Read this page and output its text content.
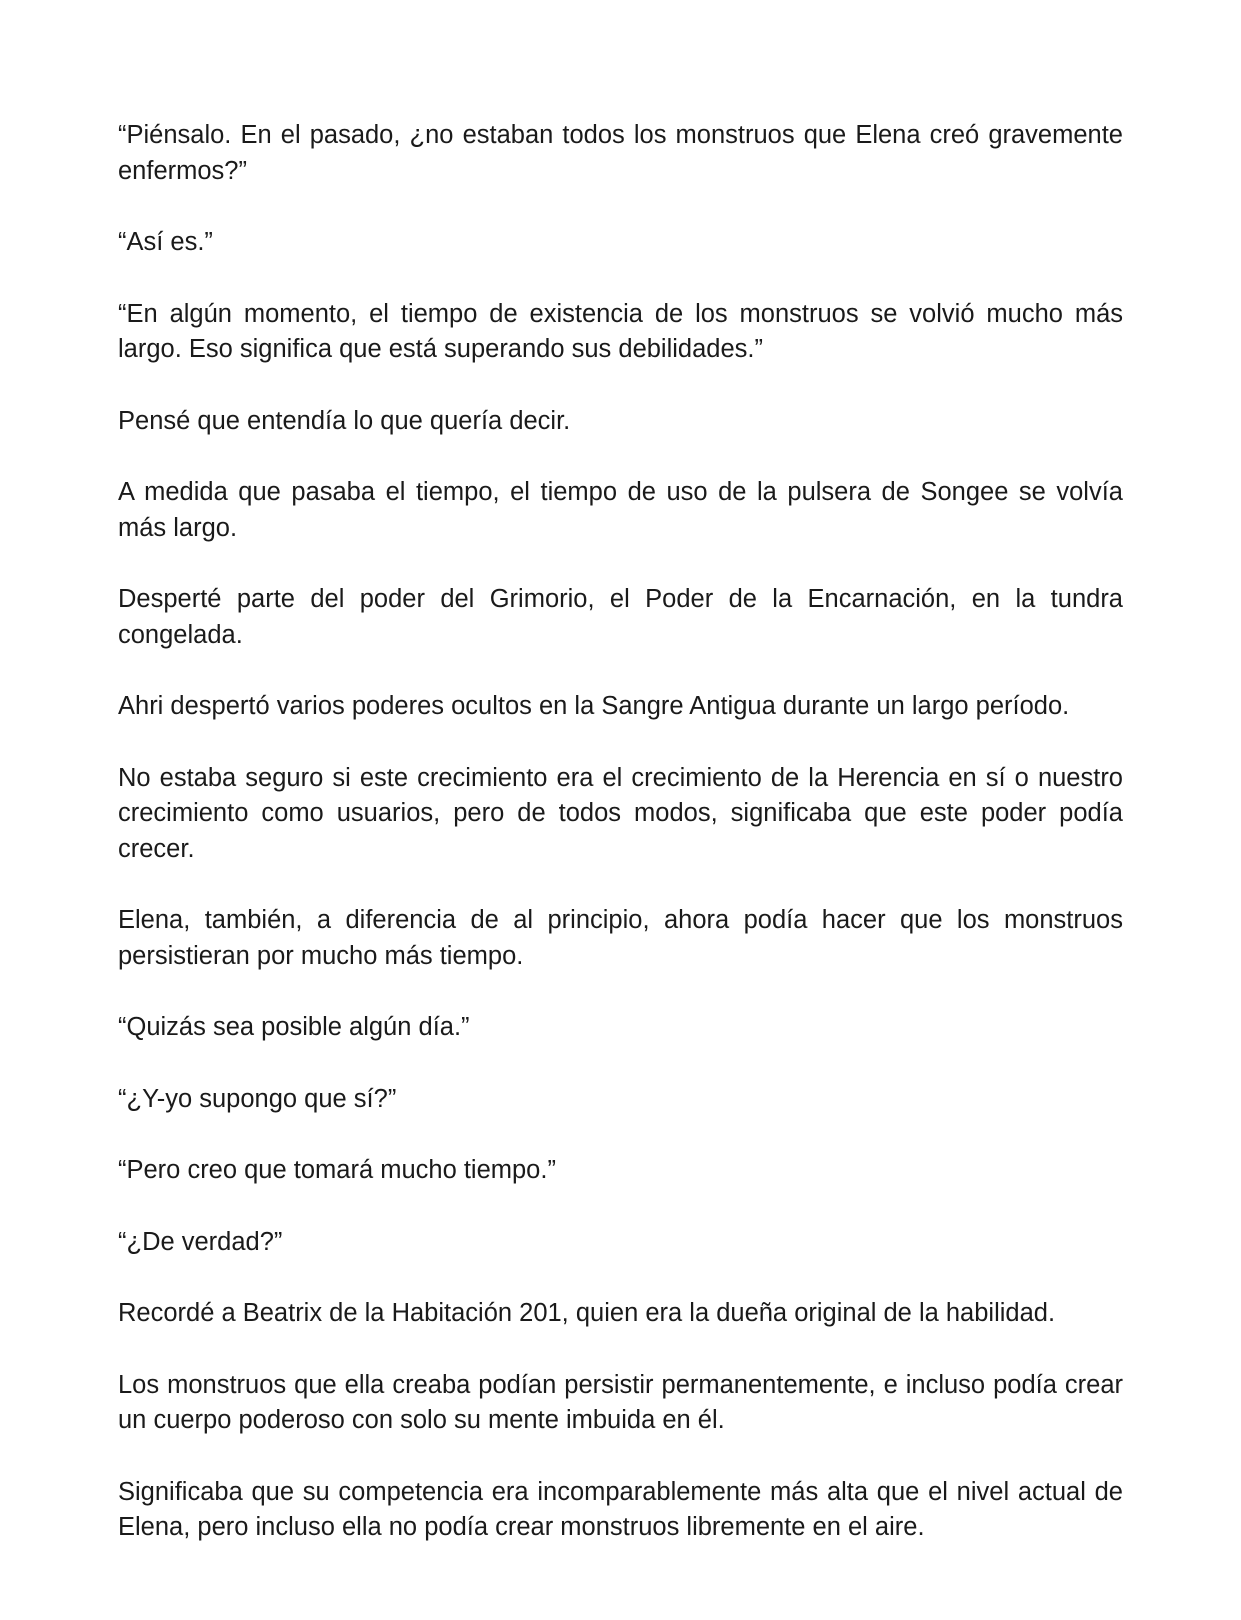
“Piénsalo. En el pasado, ¿no estaban todos los monstruos que Elena creó gravemente enfermos?”

“Así es.”

“En algún momento, el tiempo de existencia de los monstruos se volvió mucho más largo. Eso significa que está superando sus debilidades.”

Pensé que entendía lo que quería decir.

A medida que pasaba el tiempo, el tiempo de uso de la pulsera de Songee se volvía más largo.

Desperté parte del poder del Grimorio, el Poder de la Encarnación, en la tundra congelada.

Ahri despertó varios poderes ocultos en la Sangre Antigua durante un largo período.

No estaba seguro si este crecimiento era el crecimiento de la Herencia en sí o nuestro crecimiento como usuarios, pero de todos modos, significaba que este poder podía crecer.

Elena, también, a diferencia de al principio, ahora podía hacer que los monstruos persistieran por mucho más tiempo.

“Quizás sea posible algún día.”

“¿Y-yo supongo que sí?”

“Pero creo que tomará mucho tiempo.”

“¿De verdad?”

Recordé a Beatrix de la Habitación 201, quien era la dueña original de la habilidad.

Los monstruos que ella creaba podían persistir permanentemente, e incluso podía crear un cuerpo poderoso con solo su mente imbuida en él.

Significaba que su competencia era incomparablemente más alta que el nivel actual de Elena, pero incluso ella no podía crear monstruos libremente en el aire.
